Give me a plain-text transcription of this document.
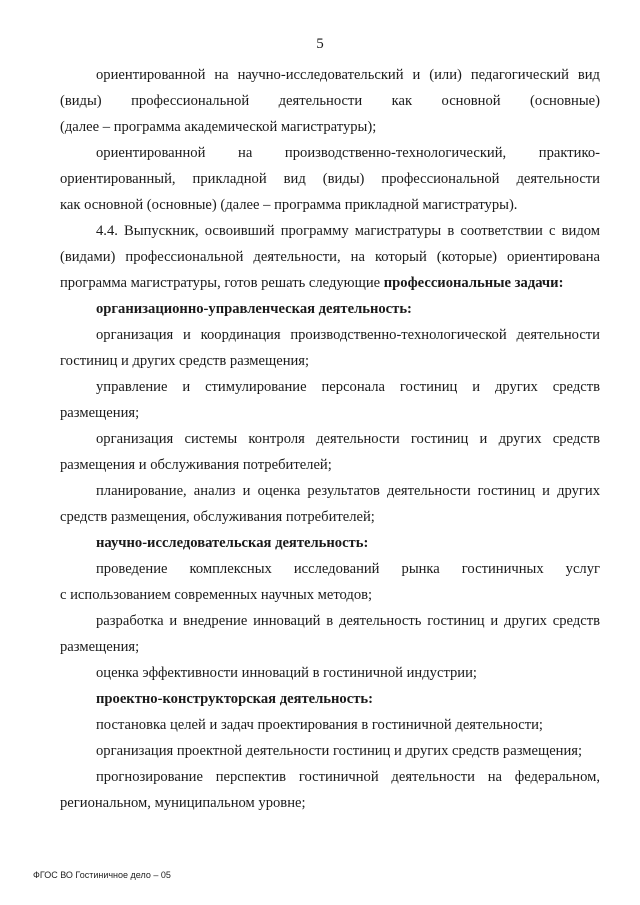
5
ориентированной на научно-исследовательский и (или) педагогический вид
(виды) профессиональной деятельности как основной (основные)
(далее – программа академической магистратуры);
ориентированной на производственно-технологический, практико-
ориентированный, прикладной вид (виды) профессиональной деятельности
как основной (основные) (далее – программа прикладной магистратуры).
4.4. Выпускник, освоивший программу магистратуры в соответствии с видом
(видами) профессиональной деятельности, на который (которые) ориентирована
программа магистратуры, готов решать следующие профессиональные задачи:
организационно-управленческая деятельность:
организация и координация производственно-технологической деятельности
гостиниц и других средств размещения;
управление и стимулирование персонала гостиниц и других средств
размещения;
организация системы контроля деятельности гостиниц и других средств
размещения и обслуживания потребителей;
планирование, анализ и оценка результатов деятельности гостиниц и других
средств размещения, обслуживания потребителей;
научно-исследовательская деятельность:
проведение комплексных исследований рынка гостиничных услуг
с использованием современных научных методов;
разработка и внедрение инноваций в деятельность гостиниц и других средств
размещения;
оценка эффективности инноваций в гостиничной индустрии;
проектно-конструкторская деятельность:
постановка целей и задач проектирования в гостиничной деятельности;
организация проектной деятельности гостиниц и других средств размещения;
прогнозирование перспектив гостиничной деятельности на федеральном,
региональном, муниципальном уровне;
ФГОС ВО Гостиничное дело – 05
